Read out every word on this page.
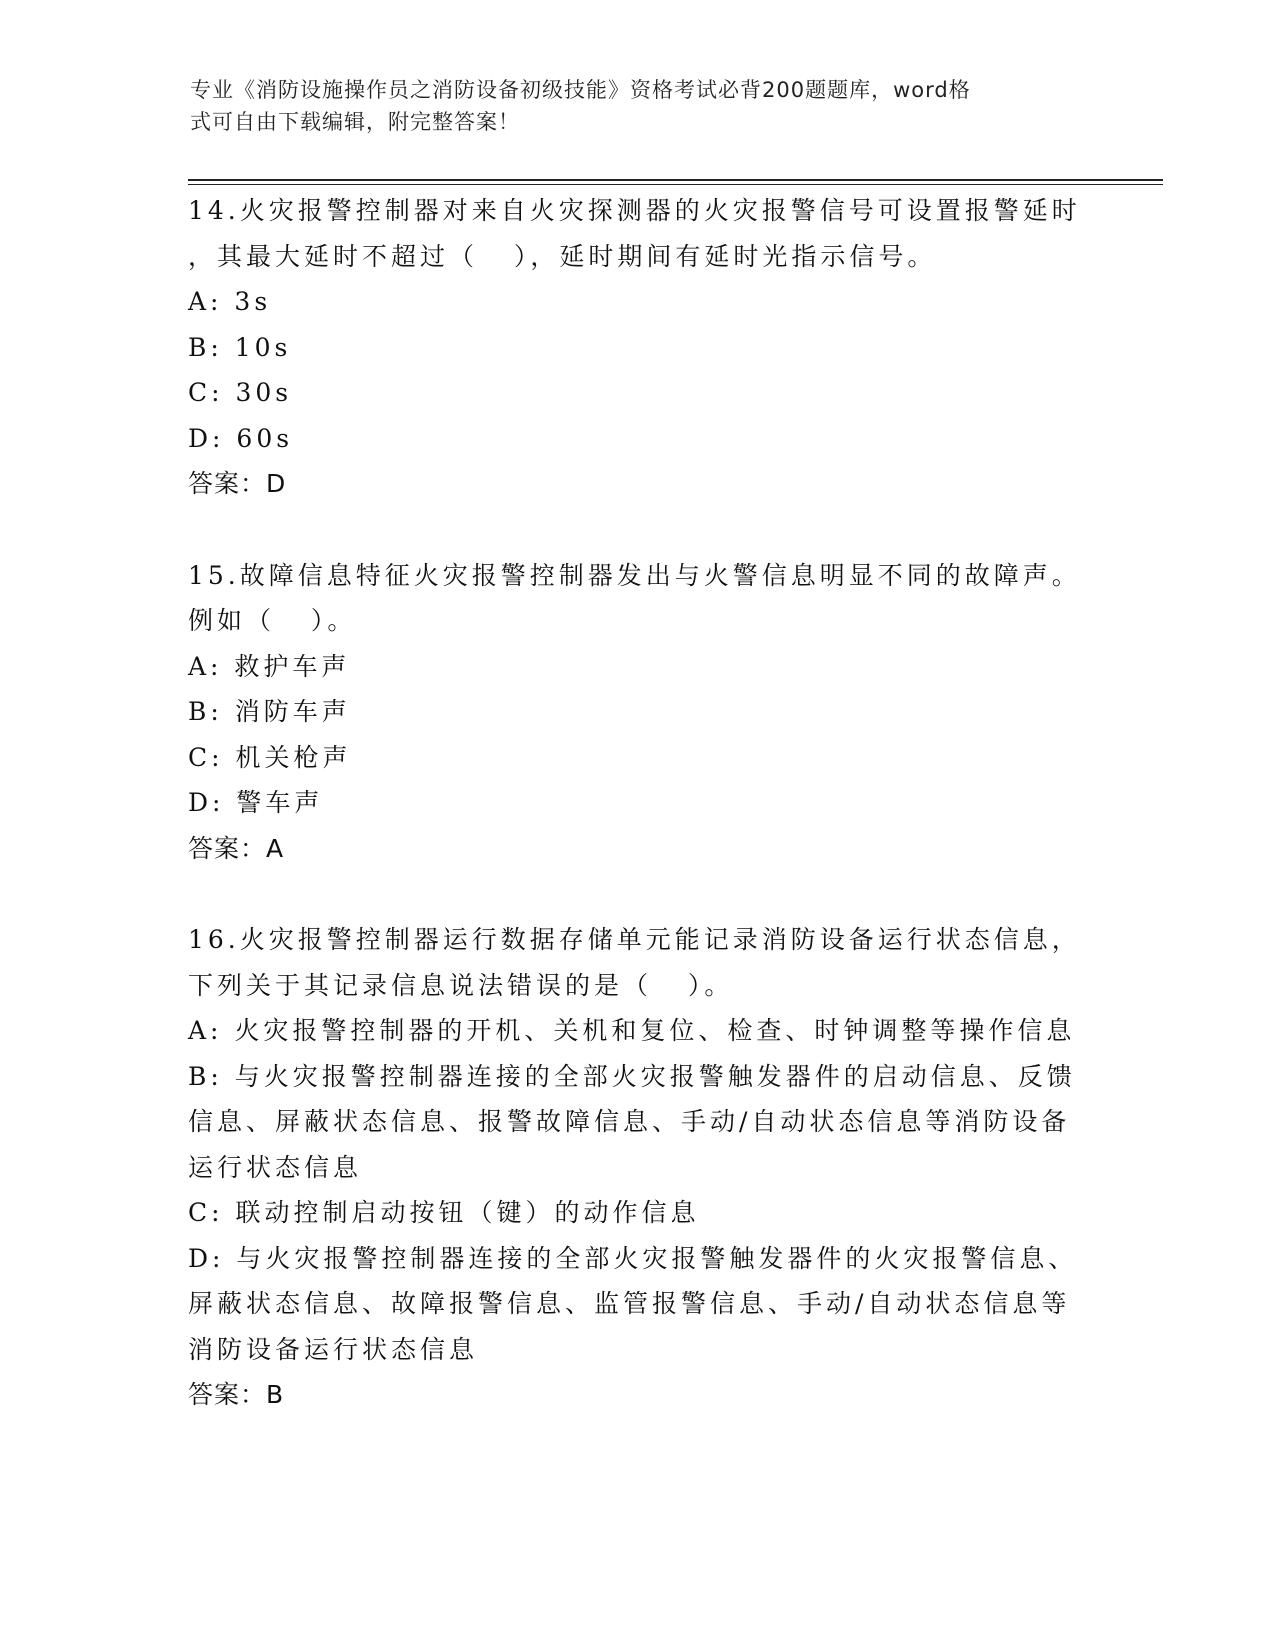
专业《消防设施操作员之消防设备初级技能》资格考试必背200题题库，word格
式可自由下载编辑，附完整答案！
14.火灾报警控制器对来自火灾探测器的火灾报警信号可设置报警延时
，其最大延时不超过（   ），延时期间有延时光指示信号。
A: 3s
B: 10s
C: 30s
D: 60s
答案：D
15.故障信息特征火灾报警控制器发出与火警信息明显不同的故障声。
例如（   ）。
A: 救护车声
B: 消防车声
C: 机关枪声
D: 警车声
答案：A
16.火灾报警控制器运行数据存储单元能记录消防设备运行状态信息，
下列关于其记录信息说法错误的是（   ）。
A: 火灾报警控制器的开机、关机和复位、检查、时钟调整等操作信息
B: 与火灾报警控制器连接的全部火灾报警触发器件的启动信息、反馈
信息、屏蔽状态信息、报警故障信息、手动/自动状态信息等消防设备
运行状态信息
C: 联动控制启动按钮（键）的动作信息
D: 与火灾报警控制器连接的全部火灾报警触发器件的火灾报警信息、
屏蔽状态信息、故障报警信息、监管报警信息、手动/自动状态信息等
消防设备运行状态信息
答案：B
